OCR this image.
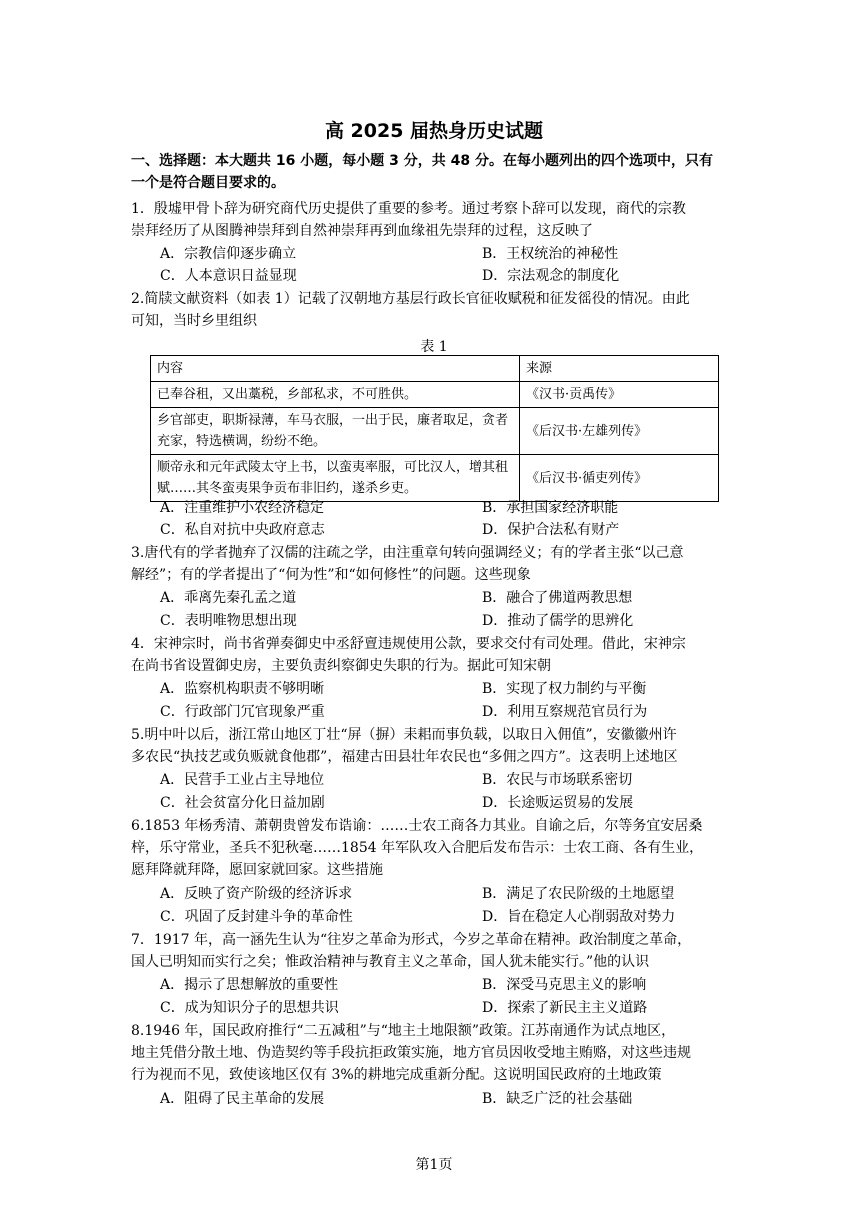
高 2025 届热身历史试题
一、选择题：本大题共 16 小题，每小题 3 分，共 48 分。在每小题列出的四个选项中，只有
一个是符合题目要求的。
1．殷墟甲骨卜辞为研究商代历史提供了重要的参考。通过考察卜辞可以发现，商代的宗教
崇拜经历了从图腾神崇拜到自然神崇拜再到血缘祖先崇拜的过程，这反映了
A．宗教信仰逐步确立	B．王权统治的神秘性
C．人本意识日益显现	D．宗法观念的制度化
2.简牍文献资料（如表 1）记载了汉朝地方基层行政长官征收赋税和征发徭役的情况。由此
可知，当时乡里组织
表 1
内容	来源
已奉谷租，又出藁税，乡部私求，不可胜供。	《汉书·贡禹传》
乡官部吏，职斯禄薄，车马衣服，一出于民，廉者取足，贪者充家，特选横调，纷纷不绝。	《后汉书·左雄列传》
顺帝永和元年武陵太守上书，以蛮夷率服，可比汉人，增其租赋……其冬蛮夷果争贡布非旧约，遂杀乡吏。	《后汉书·循吏列传》
A．注重维护小农经济稳定	B．承担国家经济职能
C．私自对抗中央政府意志	D．保护合法私有财产
3.唐代有的学者抛弃了汉儒的注疏之学，由注重章句转向强调经义；有的学者主张“以己意
解经”；有的学者提出了“何为性”和“如何修性”的问题。这些现象
A．乖离先秦孔孟之道	B．融合了佛道两教思想
C．表明唯物思想出现	D．推动了儒学的思辨化
4．宋神宗时，尚书省弹奏御史中丞舒亶违规使用公款，要求交付有司处理。借此，宋神宗
在尚书省设置御史房，主要负责纠察御史失职的行为。据此可知宋朝
A．监察机构职责不够明晰	B．实现了权力制约与平衡
C．行政部门冗官现象严重	D．利用互察规范官员行为
5.明中叶以后，浙江常山地区丁壮“屏（摒）耒耜而事负载，以取日入佣值”，安徽徽州许
多农民“执技艺或负贩就食他郡”，福建古田县壮年农民也“多佣之四方”。这表明上述地区
A．民营手工业占主导地位	B．农民与市场联系密切
C．社会贫富分化日益加剧	D．长途贩运贸易的发展
6.1853 年杨秀清、萧朝贵曾发布诰谕：……士农工商各力其业。自谕之后，尔等务宜安居桑
梓，乐守常业，圣兵不犯秋毫……1854 年军队攻入合肥后发布告示：士农工商、各有生业，
愿拜降就拜降，愿回家就回家。这些措施
A．反映了资产阶级的经济诉求	B．满足了农民阶级的土地愿望
C．巩固了反封建斗争的革命性	D．旨在稳定人心削弱敌对势力
7．1917 年，高一涵先生认为“往岁之革命为形式，今岁之革命在精神。政治制度之革命，
国人已明知而实行之矣；惟政治精神与教育主义之革命，国人犹未能实行。”他的认识
A．揭示了思想解放的重要性	B．深受马克思主义的影响
C．成为知识分子的思想共识	D．探索了新民主主义道路
8.1946 年，国民政府推行“二五减租”与“地主土地限额”政策。江苏南通作为试点地区，
地主凭借分散土地、伪造契约等手段抗拒政策实施，地方官员因收受地主贿赂，对这些违规
行为视而不见，致使该地区仅有 3%的耕地完成重新分配。这说明国民政府的土地政策
A．阻碍了民主革命的发展	B．缺乏广泛的社会基础
第1页
